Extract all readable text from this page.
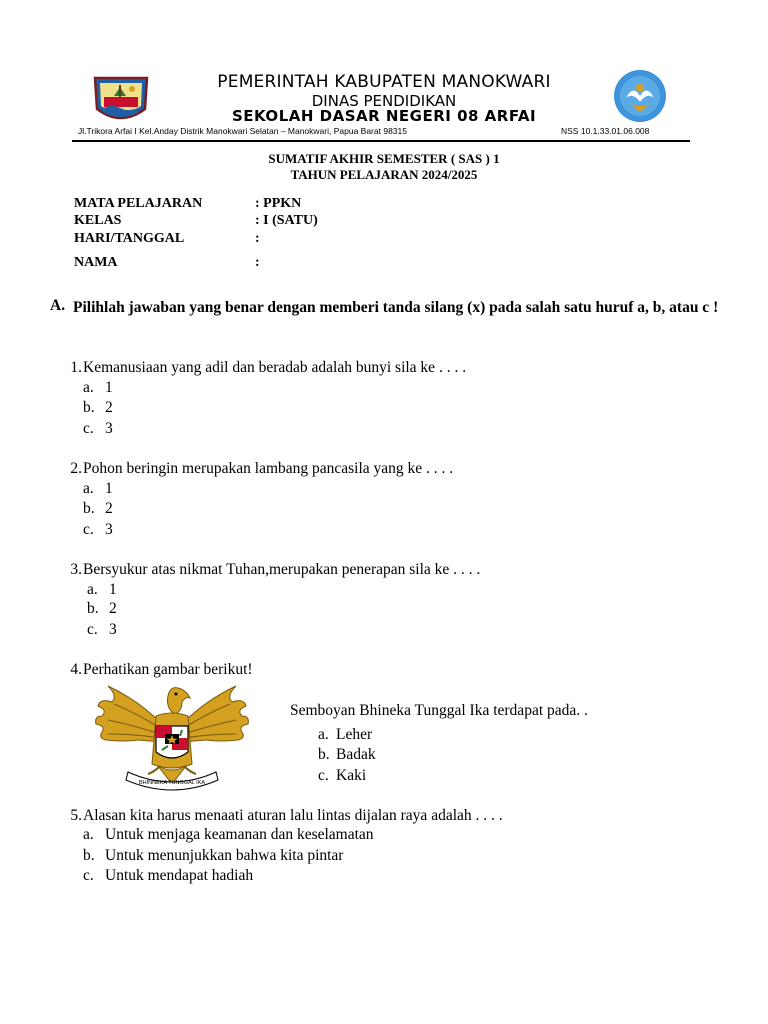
PEMERINTAH KABUPATEN MANOKWARI
DINAS PENDIDIKAN
SEKOLAH DASAR NEGERI 08 ARFAI
Jl.Trikora Arfai I Kel.Anday Distrik Manokwari Selatan – Manokwari, Papua Barat 98315	NSS 10.1.33.01.06.008
SUMATIF AKHIR SEMESTER ( SAS ) 1
TAHUN PELAJARAN 2024/2025
MATA PELAJARAN	: PPKN
KELAS	: I (SATU)
HARI/TANGGAL	:
NAMA	:
A. Pilihlah jawaban yang benar dengan memberi tanda silang (x) pada salah satu huruf a, b, atau c !
1. Kemanusiaan yang adil dan beradab adalah bunyi sila ke . . . .
a. 1
b. 2
c. 3
2. Pohon beringin merupakan lambang pancasila yang ke . . . .
a. 1
b. 2
c. 3
3. Bersyukur atas nikmat Tuhan,merupakan penerapan sila ke . . . .
a. 1
b. 2
c. 3
4. Perhatikan gambar berikut!
BHINNEKA TUNGGAL IKA
Semboyan Bhineka Tunggal Ika terdapat pada. .
a. Leher
b. Badak
c. Kaki
5. Alasan kita harus menaati aturan lalu lintas dijalan raya adalah . . . .
a. Untuk menjaga keamanan dan keselamatan
b. Untuk menunjukkan bahwa kita pintar
c. Untuk mendapat hadiah
